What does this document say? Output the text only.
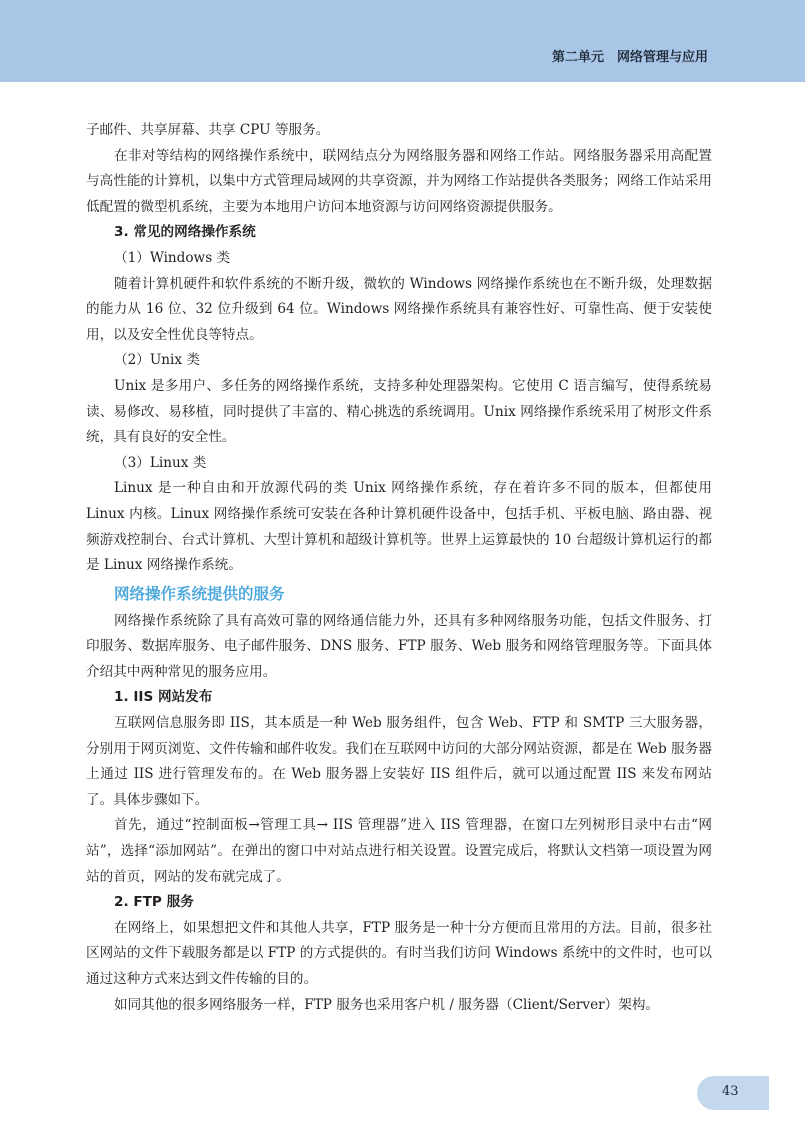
第二单元　网络管理与应用

子邮件、共享屏幕、共享 CPU 等服务。

在非对等结构的网络操作系统中，联网结点分为网络服务器和网络工作站。网络服务器采用高配置与高性能的计算机，以集中方式管理局域网的共享资源，并为网络工作站提供各类服务；网络工作站采用低配置的微型机系统，主要为本地用户访问本地资源与访问网络资源提供服务。

3. 常见的网络操作系统

（1）Windows 类

随着计算机硬件和软件系统的不断升级，微软的 Windows 网络操作系统也在不断升级，处理数据的能力从 16 位、32 位升级到 64 位。Windows 网络操作系统具有兼容性好、可靠性高、便于安装使用，以及安全性优良等特点。

（2）Unix 类

Unix 是多用户、多任务的网络操作系统，支持多种处理器架构。它使用 C 语言编写，使得系统易读、易修改、易移植，同时提供了丰富的、精心挑选的系统调用。Unix 网络操作系统采用了树形文件系统，具有良好的安全性。

（3）Linux 类

Linux 是一种自由和开放源代码的类 Unix 网络操作系统，存在着许多不同的版本，但都使用 Linux 内核。Linux 网络操作系统可安装在各种计算机硬件设备中，包括手机、平板电脑、路由器、视频游戏控制台、台式计算机、大型计算机和超级计算机等。世界上运算最快的 10 台超级计算机运行的都是 Linux 网络操作系统。

网络操作系统提供的服务

网络操作系统除了具有高效可靠的网络通信能力外，还具有多种网络服务功能，包括文件服务、打印服务、数据库服务、电子邮件服务、DNS 服务、FTP 服务、Web 服务和网络管理服务等。下面具体介绍其中两种常见的服务应用。

1. IIS 网站发布

互联网信息服务即 IIS，其本质是一种 Web 服务组件，包含 Web、FTP 和 SMTP 三大服务器，分别用于网页浏览、文件传输和邮件收发。我们在互联网中访问的大部分网站资源，都是在 Web 服务器上通过 IIS 进行管理发布的。在 Web 服务器上安装好 IIS 组件后，就可以通过配置 IIS 来发布网站了。具体步骤如下。

首先，通过“控制面板→管理工具→ IIS 管理器”进入 IIS 管理器，在窗口左列树形目录中右击“网站”，选择“添加网站”。在弹出的窗口中对站点进行相关设置。设置完成后，将默认文档第一项设置为网站的首页，网站的发布就完成了。

2. FTP 服务

在网络上，如果想把文件和其他人共享，FTP 服务是一种十分方便而且常用的方法。目前，很多社区网站的文件下载服务都是以 FTP 的方式提供的。有时当我们访问 Windows 系统中的文件时，也可以通过这种方式来达到文件传输的目的。

如同其他的很多网络服务一样，FTP 服务也采用客户机 / 服务器（Client/Server）架构。

43
